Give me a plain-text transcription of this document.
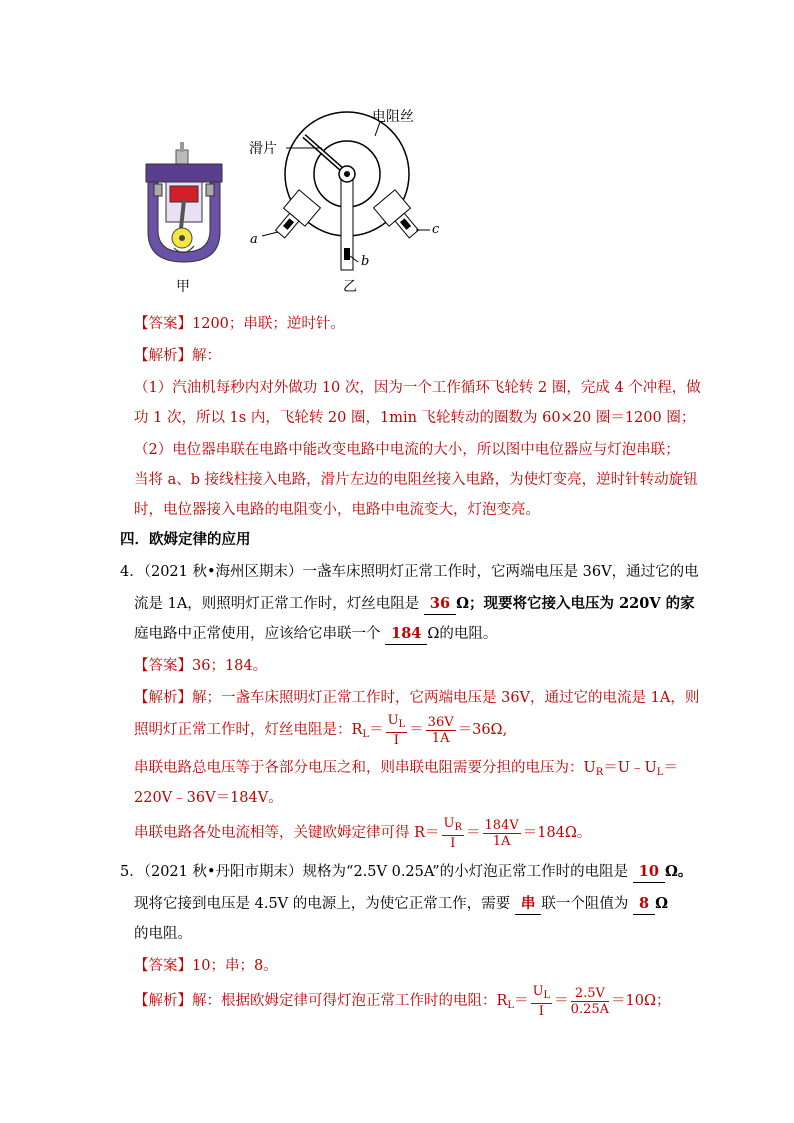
甲
滑片
电阻丝
a
b
c
乙
【答案】1200；串联；逆时针。
【解析】解：
（1）汽油机每秒内对外做功 10 次，因为一个工作循环飞轮转 2 圈，完成 4 个冲程，做
功 1 次，所以 1s 内，飞轮转 20 圈，1min 飞轮转动的圈数为 60×20 圈＝1200 圈；
（2）电位器串联在电路中能改变电路中电流的大小，所以图中电位器应与灯泡串联；
当将 a、b 接线柱接入电路，滑片左边的电阻丝接入电路，为使灯变亮，逆时针转动旋钮
时，电位器接入电路的电阻变小，电路中电流变大，灯泡变亮。
四．欧姆定律的应用
4．（2021 秋•海州区期末）一盏车床照明灯正常工作时，它两端电压是 36V，通过它的电
流是 1A，则照明灯正常工作时，灯丝电阻是 36 Ω；现要将它接入电压为 220V 的家
庭电路中正常使用，应该给它串联一个 184 Ω的电阻。
【答案】36；184。
【解析】解；一盏车床照明灯正常工作时，它两端电压是 36V，通过它的电流是 1A，则
照明灯正常工作时，灯丝电阻是：$R_L= \frac{U_L}{I} = \frac{36V}{1A} =36\Omega$,
串联电路总电压等于各部分电压之和，则串联电阻需要分担的电压为：$U_R=U﹣U_L=$
220V﹣36V＝184V。
串联电路各处电流相等，关键欧姆定律可得 $R= \frac{U_R}{I} = \frac{184V}{1A} =184\Omega$。
5．（2021 秋•丹阳市期末）规格为“2.5V 0.25A”的小灯泡正常工作时的电阻是 10 Ω。
现将它接到电压是 4.5V 的电源上，为使它正常工作，需要 串 联一个阻值为 8 Ω
的电阻。
【答案】10；串；8。
【解析】解：根据欧姆定律可得灯泡正常工作时的电阻：$R_L= \frac{U_L}{I} = \frac{2.5V}{0.25A} =10\Omega$；
